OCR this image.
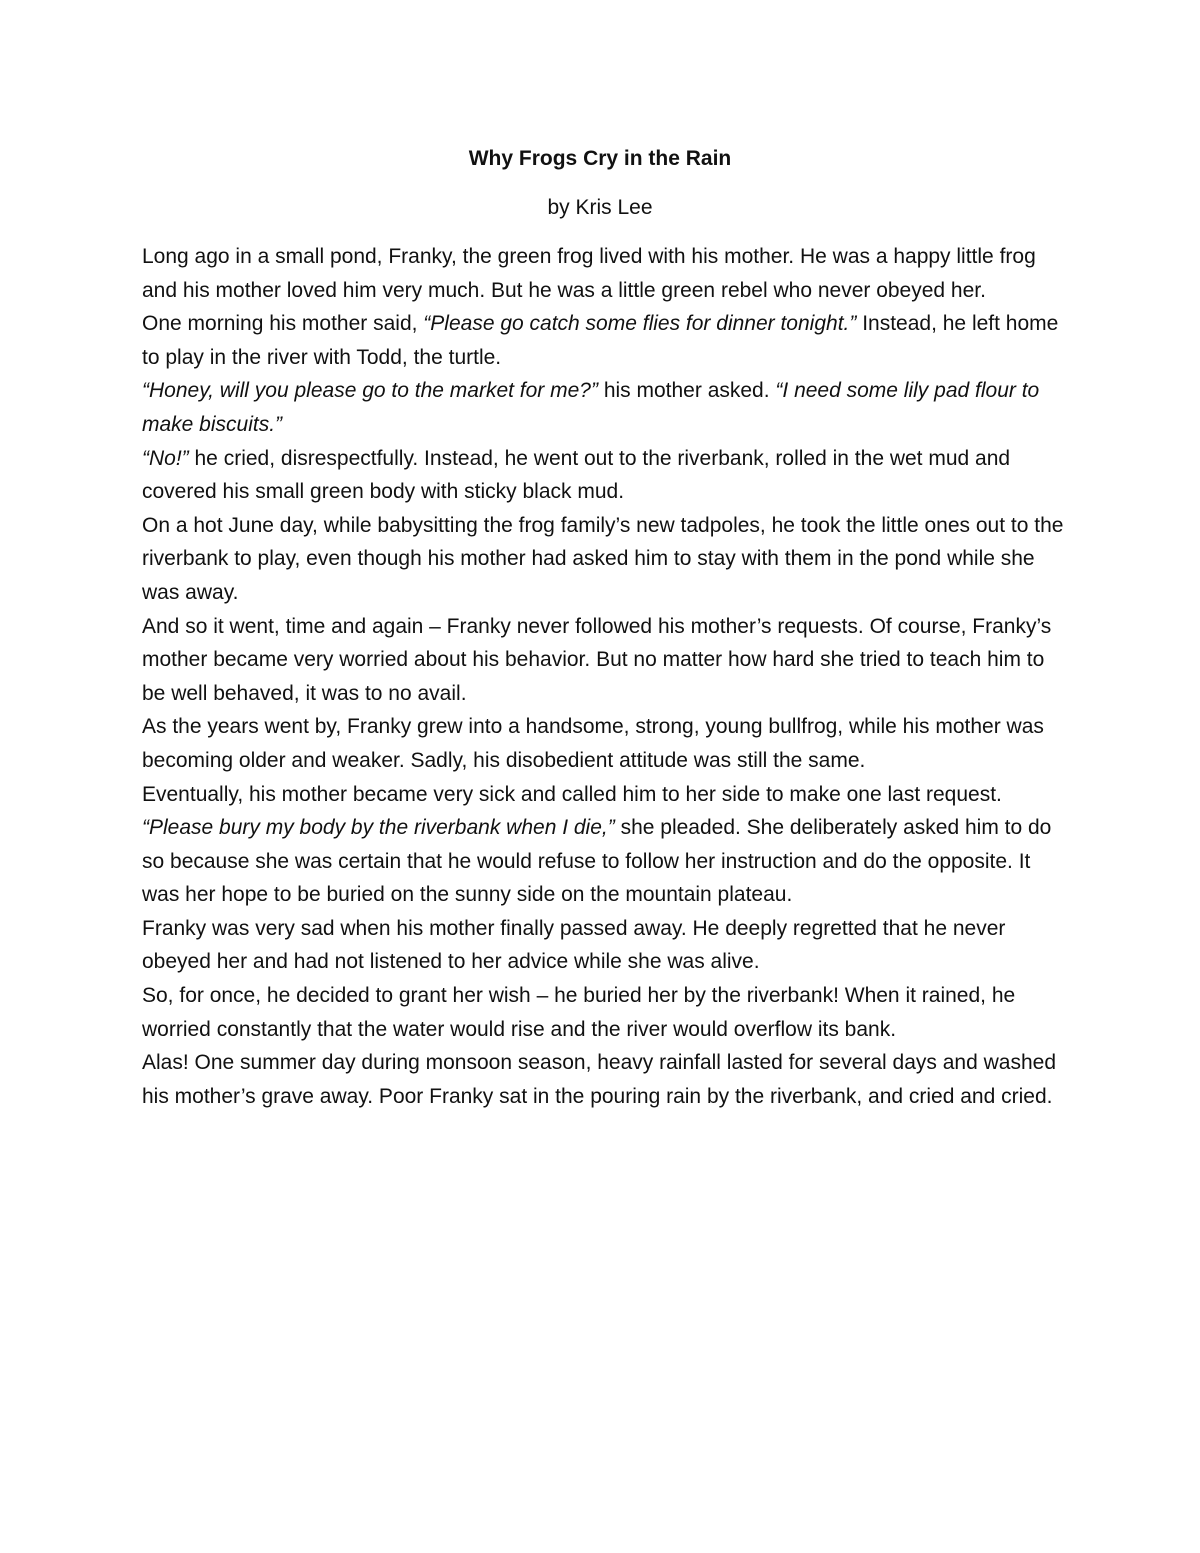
Why Frogs Cry in the Rain

by Kris Lee

Long ago in a small pond, Franky, the green frog lived with his mother. He was a happy little frog and his mother loved him very much. But he was a little green rebel who never obeyed her.

One morning his mother said, “Please go catch some flies for dinner tonight.” Instead, he left home to play in the river with Todd, the turtle.

“Honey, will you please go to the market for me?” his mother asked. “I need some lily pad flour to make biscuits.”

“No!” he cried, disrespectfully. Instead, he went out to the riverbank, rolled in the wet mud and covered his small green body with sticky black mud.

On a hot June day, while babysitting the frog family’s new tadpoles, he took the little ones out to the riverbank to play, even though his mother had asked him to stay with them in the pond while she was away.

And so it went, time and again – Franky never followed his mother’s requests. Of course, Franky’s mother became very worried about his behavior. But no matter how hard she tried to teach him to be well behaved, it was to no avail.

As the years went by, Franky grew into a handsome, strong, young bullfrog, while his mother was becoming older and weaker. Sadly, his disobedient attitude was still the same.

Eventually, his mother became very sick and called him to her side to make one last request. “Please bury my body by the riverbank when I die,” she pleaded. She deliberately asked him to do so because she was certain that he would refuse to follow her instruction and do the opposite. It was her hope to be buried on the sunny side on the mountain plateau.

Franky was very sad when his mother finally passed away. He deeply regretted that he never obeyed her and had not listened to her advice while she was alive.

So, for once, he decided to grant her wish – he buried her by the riverbank! When it rained, he worried constantly that the water would rise and the river would overflow its bank.

Alas! One summer day during monsoon season, heavy rainfall lasted for several days and washed his mother’s grave away. Poor Franky sat in the pouring rain by the riverbank, and cried and cried.
